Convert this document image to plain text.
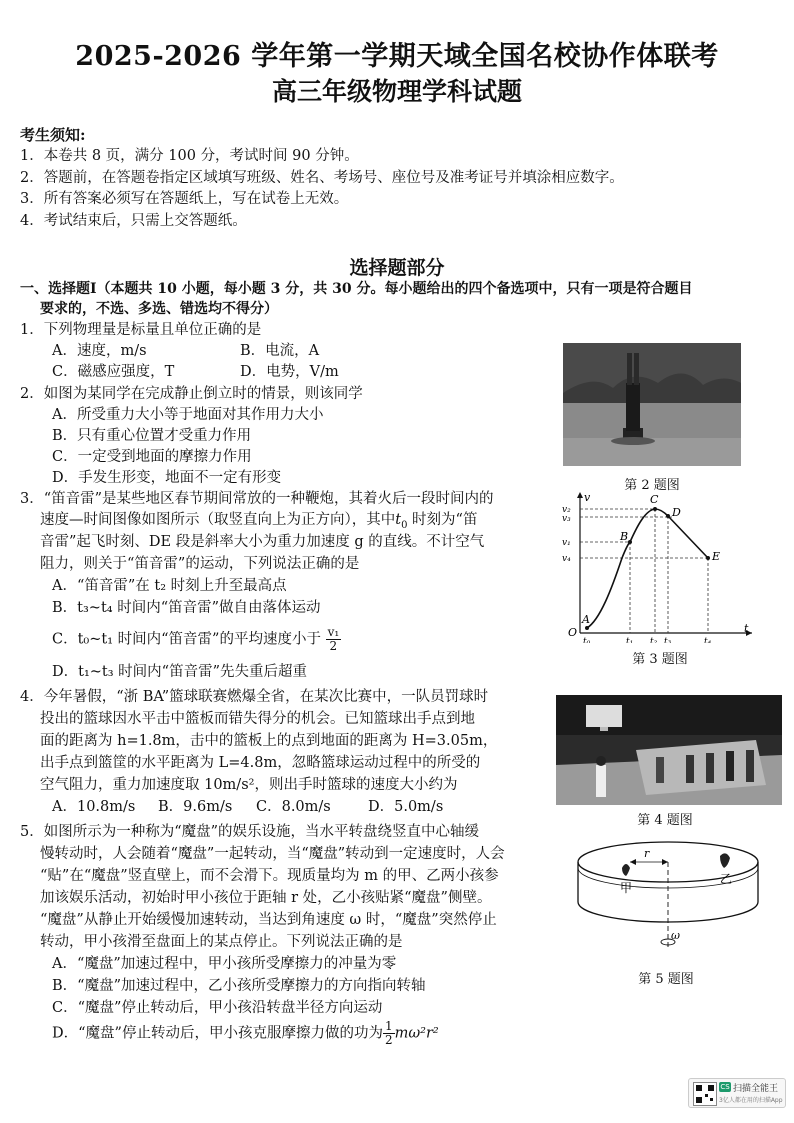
2025-2026 学年第一学期天域全国名校协作体联考
高三年级物理学科试题
考生须知:
1．本卷共 8 页，满分 100 分，考试时间 90 分钟。
2．答题前，在答题卷指定区域填写班级、姓名、考场号、座位号及准考证号并填涂相应数字。
3．所有答案必须写在答题纸上，写在试卷上无效。
4．考试结束后，只需上交答题纸。
选择题部分
一、选择题Ⅰ（本题共 10 小题，每小题 3 分，共 30 分。每小题给出的四个备选项中，只有一项是符合题目
要求的，不选、多选、错选均不得分）
1．下列物理量是标量且单位正确的是
A．速度，m/s	B．电流，A
C．磁感应强度，T	D．电势，V/m
2．如图为某同学在完成静止倒立时的情景，则该同学
A．所受重力大小等于地面对其作用力大小
B．只有重心位置才受重力作用
C．一定受到地面的摩擦力作用
D．手发生形变，地面不一定有形变	第 2 题图
3．“笛音雷”是某些地区春节期间常放的一种鞭炮，其着火后一段时间内的
速度—时间图像如图所示（取竖直向上为正方向），其中$t_0$ 时刻为“笛
音雷”起飞时刻、DE 段是斜率大小为重力加速度 g 的直线。不计空气
阻力，则关于“笛音雷”的运动，下列说法正确的是
A．“笛音雷”在 t₂ 时刻上升至最高点
B．t₃~t₄ 时间内“笛音雷”做自由落体运动
C．t₀~t₁ 时间内“笛音雷”的平均速度小于 $\frac{\text{v₁}}{2}$
D．t₁~t₃ 时间内“笛音雷”先失重后超重
v
t
O
A
B
C
D
E
v₂
v₃
v₁
v₄
t₀	t₁ t₂ t₃	t₄
第 3 题图
4．今年暑假，“浙 BA”篮球联赛燃爆全省，在某次比赛中，一队员罚球时
投出的篮球因水平击中篮板而错失得分的机会。已知篮球出手点到地
面的距离为 h=1.8m，击中的篮板上的点到地面的距离为 H=3.05m，
出手点到篮筐的水平距离为 L=4.8m，忽略篮球运动过程中的所受的
空气阻力，重力加速度取 10m/s²，则出手时篮球的速度大小约为
A．10.8m/s B．9.6m/s C．8.0m/s	D．5.0m/s
第 4 题图
5．如图所示为一种称为“魔盘”的娱乐设施，当水平转盘绕竖直中心轴缓
慢转动时，人会随着“魔盘”一起转动，当“魔盘”转动到一定速度时，人会
“贴”在“魔盘”竖直壁上，而不会滑下。现质量均为 m 的甲、乙两小孩参
加该娱乐活动，初始时甲小孩位于距轴 r 处，乙小孩贴紧“魔盘”侧壁。
“魔盘”从静止开始缓慢加速转动，当达到角速度 ω 时，“魔盘”突然停止
转动，甲小孩滑至盘面上的某点停止。下列说法正确的是
A．“魔盘”加速过程中，甲小孩所受摩擦力的冲量为零
B．“魔盘”加速过程中，乙小孩所受摩擦力的方向指向转轴
C．“魔盘”停止转动后，甲小孩沿转盘半径方向运动
D．“魔盘”停止转动后，甲小孩克服摩擦力做的功为 $\frac{1}{2} m\omega^2r^2$
r
甲
乙
ω
第 5 题图
CS 扫描全能王
3亿人都在用的扫描App
